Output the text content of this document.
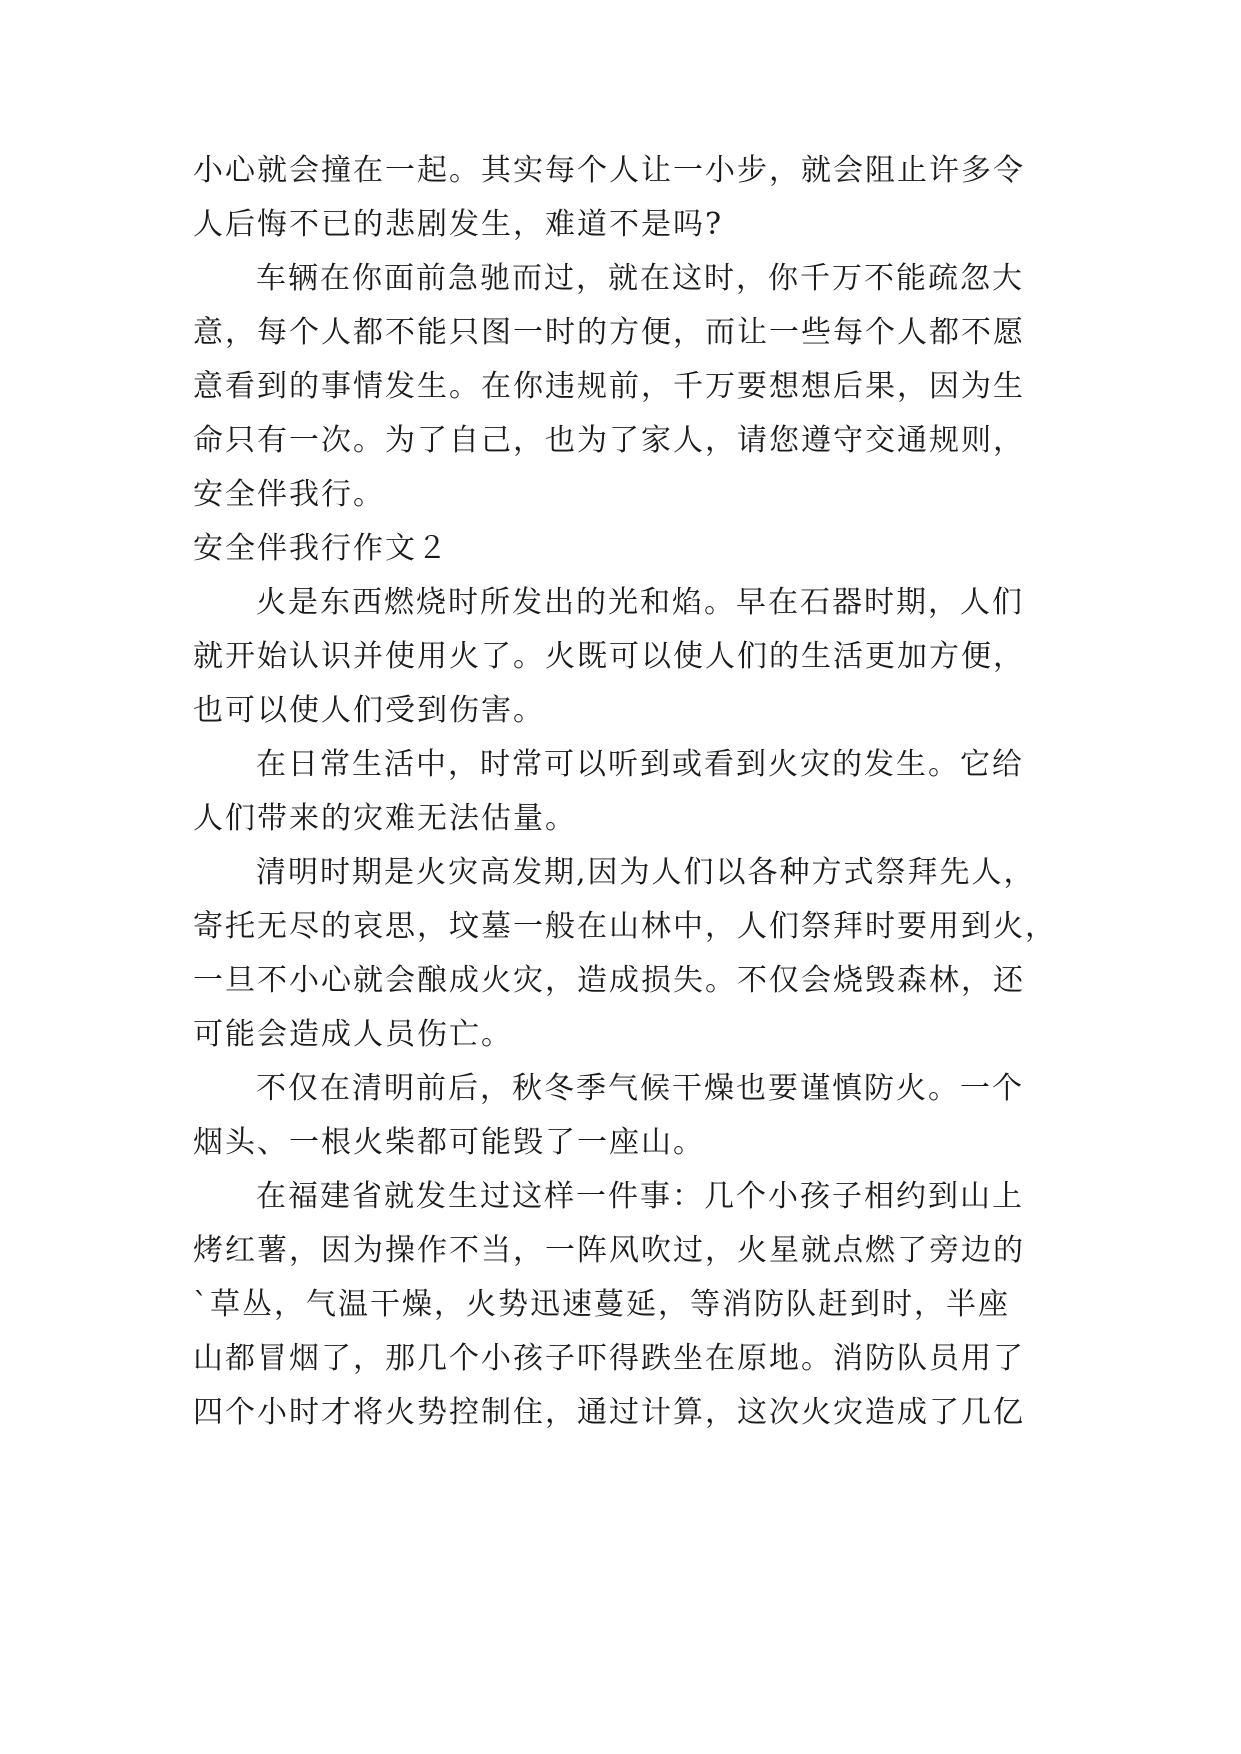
小心就会撞在一起。其实每个人让一小步，就会阻止许多令
人后悔不已的悲剧发生，难道不是吗?
车辆在你面前急驰而过，就在这时，你千万不能疏忽大
意，每个人都不能只图一时的方便，而让一些每个人都不愿
意看到的事情发生。在你违规前，千万要想想后果，因为生
命只有一次。为了自己，也为了家人，请您遵守交通规则，
安全伴我行。
安全伴我行作文２
火是东西燃烧时所发出的光和焰。早在石器时期，人们
就开始认识并使用火了。火既可以使人们的生活更加方便，
也可以使人们受到伤害。
在日常生活中，时常可以听到或看到火灾的发生。它给
人们带来的灾难无法估量。
清明时期是火灾高发期,因为人们以各种方式祭拜先人，
寄托无尽的哀思，坟墓一般在山林中，人们祭拜时要用到火，
一旦不小心就会酿成火灾，造成损失。不仅会烧毁森林，还
可能会造成人员伤亡。
不仅在清明前后，秋冬季气候干燥也要谨慎防火。一个
烟头、一根火柴都可能毁了一座山。
在福建省就发生过这样一件事：几个小孩子相约到山上
烤红薯，因为操作不当，一阵风吹过，火星就点燃了旁边的
`草丛，气温干燥，火势迅速蔓延，等消防队赶到时，半座
山都冒烟了，那几个小孩子吓得跌坐在原地。消防队员用了
四个小时才将火势控制住，通过计算，这次火灾造成了几亿
